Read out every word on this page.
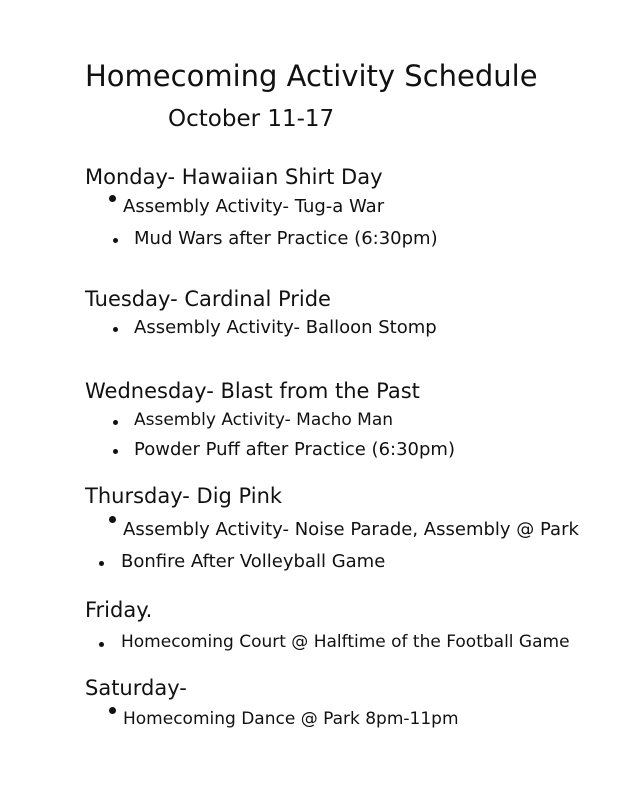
Homecoming Activity Schedule
October 11-17
Monday- Hawaiian Shirt Day
Assembly Activity- Tug-a War
Mud Wars after Practice (6:30pm)
Tuesday- Cardinal Pride
Assembly Activity- Balloon Stomp
Wednesday- Blast from the Past
Assembly Activity- Macho Man
Powder Puff after Practice (6:30pm)
Thursday- Dig Pink
Assembly Activity- Noise Parade, Assembly @ Park
Bonfire After Volleyball Game
Friday.
Homecoming Court @ Halftime of the Football Game
Saturday-
Homecoming Dance @ Park 8pm-11pm
